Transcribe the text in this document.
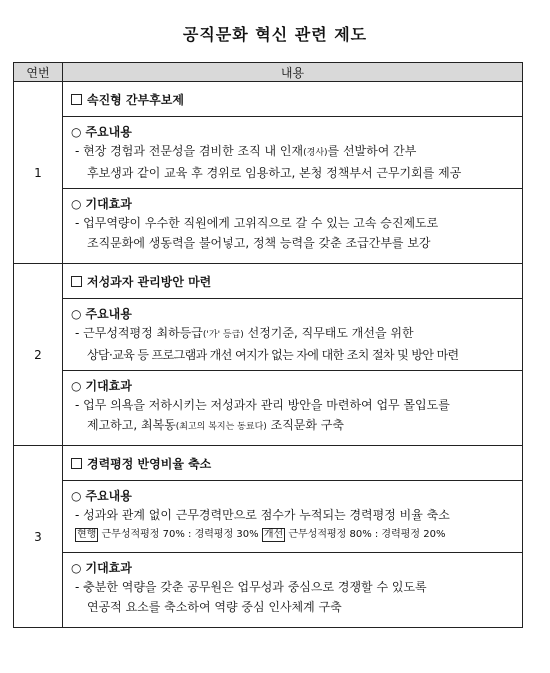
공직문화 혁신 관련 제도
연번	내용
1	속진형 간부후보제

	○ 주요내용
- 현장 경험과 전문성을 겸비한 조직 내 인재(경사)를 선발하여 간부
후보생과 같이 교육 후 경위로 임용하고, 본청 정책부서 근무기회를 제공

	○ 기대효과
- 업무역량이 우수한 직원에게 고위직으로 갈 수 있는 고속 승진제도로
조직문화에 생동력을 불어넣고, 정책 능력을 갖춘 조급간부를 보강

2	저성과자 관리방안 마련

	○ 주요내용
- 근무성적평정 최하등급('가' 등급) 선정기준, 직무태도 개선을 위한
상담·교육 등 프로그램과 개선 여지가 없는 자에 대한 조치 절차 및 방안 마련

	○ 기대효과
- 업무 의욕을 저하시키는 저성과자 관리 방안을 마련하여 업무 몰입도를
제고하고, 최복동(최고의 복지는 동료다) 조직문화 구축

3	경력평정 반영비율 축소

	○ 주요내용
- 성과와 관계 없이 근무경력만으로 점수가 누적되는 경력평정 비율 축소
현행 근무성적평정 70% : 경력평정 30% 개선 근무성적평정 80% : 경력평정 20%

	○ 기대효과
- 충분한 역량을 갖춘 공무원은 업무성과 중심으로 경쟁할 수 있도록
연공적 요소를 축소하여 역량 중심 인사체계 구축
